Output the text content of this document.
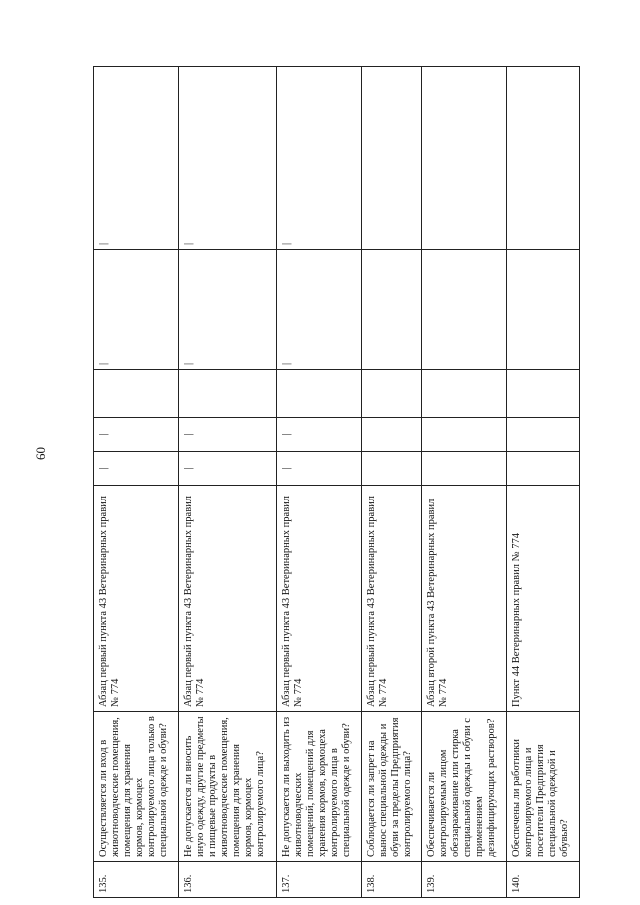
60
135.	Осуществляется ли вход в животноводческие помещения, помещения для хранения кормов, кормоцех контролируемого лица только в специальной одежде и обуви?	Абзац первый пункта 43 Ветеринарных правил № 774	|	|		|	|
136.	Не допускается ли вносить иную одежду, другие предметы и пищевые продукты в животноводческие помещения, помещения для хранения кормов, кормоцех контролируемого лица?	Абзац первый пункта 43 Ветеринарных правил № 774	|	|		|	|
137.	Не допускается ли выходить из животноводческих помещений, помещений для хранения кормов, кормоцеха контролируемого лица в специальной одежде и обуви?	Абзац первый пункта 43 Ветеринарных правил № 774	|	|		|	|
138.	Соблюдается ли запрет на вынос специальной одежды и обуви за пределы Предприятия контролируемого лица?	Абзац первый пункта 43 Ветеринарных правил № 774					
139.	Обеспечивается ли контролируемым лицом обеззараживание или стирка специальной одежды и обуви с применением дезинфицирующих растворов?	Абзац второй пункта 43 Ветеринарных правил № 774					
140.	Обеспечены ли работники контролируемого лица и посетители Предприятия специальной одеждой и обувью?	Пункт 44 Ветеринарных правил № 774					
